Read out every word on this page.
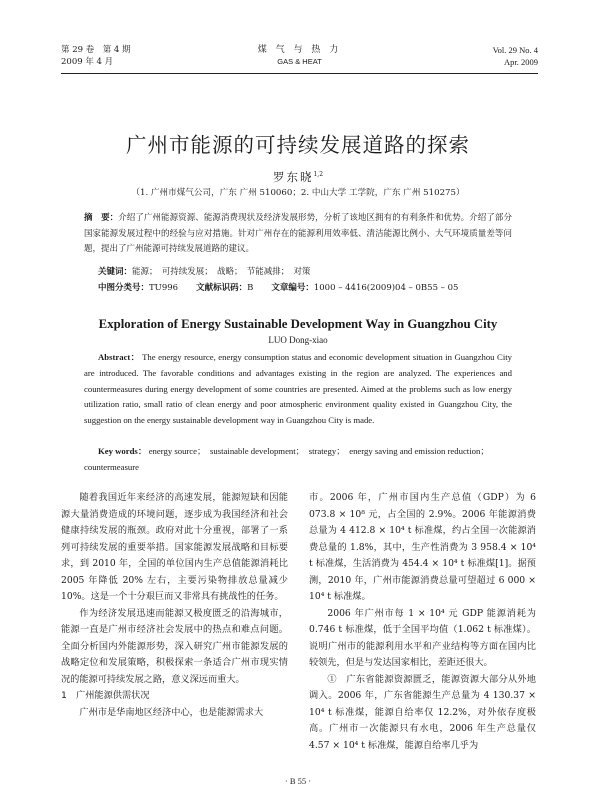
第 29 卷　第 4 期
2009 年 4 月
煤 气 与 热 力
GAS & HEAT
Vol. 29 No. 4
Apr. 2009
广州市能源的可持续发展道路的探索
罗东晓$^{1,2}$
（1. 广州市煤气公司，广东 广州 510060；2. 中山大学 工学院，广东 广州 510275）
摘　要：介绍了广州能源资源、能源消费现状及经济发展形势，分析了该地区拥有的有利条件和优势。介绍了部分国家能源发展过程中的经验与应对措施。针对广州存在的能源利用效率低、清洁能源比例小、大气环境质量差等问题，提出了广州能源可持续发展道路的建议。
关键词：能源；　可持续发展；　战略；　节能减排；　对策
中图分类号：TU996 文献标识码：B 文章编号：1000 – 4416(2009)04 – 0B55 – 05
Exploration of Energy Sustainable Development Way in Guangzhou City
LUO Dong-xiao
Abstract： The energy resource, energy consumption status and economic development situation in Guangzhou City are introduced. The favorable conditions and advantages existing in the region are analyzed. The experiences and countermeasures during energy development of some countries are presented. Aimed at the problems such as low energy utilization ratio, small ratio of clean energy and poor atmospheric environment quality existed in Guangzhou City, the suggestion on the energy sustainable development way in Guangzhou City is made.
Key words： energy source；　sustainable development；　strategy；　energy saving and emission reduction；　countermeasure

随着我国近年来经济的高速发展，能源短缺和因能源大量消费造成的环境问题，逐步成为我国经济和社会健康持续发展的瓶颈。政府对此十分重视，部署了一系列可持续发展的重要举措。国家能源发展战略和目标要求，到 2010 年，全国的单位国内生产总值能源消耗比 2005 年降低 20% 左右，主要污染物排放总量减少 10%。这是一个十分艰巨而又非常具有挑战性的任务。

作为经济发展迅速而能源又极度匮乏的沿海城市，能源一直是广州市经济社会发展中的热点和难点问题。全面分析国内外能源形势，深入研究广州市能源发展的战略定位和发展策略，积极探索一条适合广州市现实情况的能源可持续发展之路，意义深远而重大。

1　广州能源供需状况

广州市是华南地区经济中心，也是能源需求大

市。2006 年，广州市国内生产总值（GDP）为 6 073.8 × 10⁸ 元，占全国的 2.9%。2006 年能源消费总量为 4 412.8 × 10⁴ t 标准煤，约占全国一次能源消费总量的 1.8%，其中，生产性消费为 3 958.4 × 10⁴ t 标准煤，生活消费为 454.4 × 10⁴ t 标准煤[1]。据预测，2010 年，广州市能源消费总量可望超过 6 000 × 10⁴ t 标准煤。

2006 年广州市每 1 × 10⁴ 元 GDP 能源消耗为 0.746 t 标准煤，低于全国平均值（1.062 t 标准煤）。说明广州市的能源利用水平和产业结构等方面在国内比较领先，但是与发达国家相比，差距还很大。

①　广东省能源资源匮乏，能源资源大部分从外地调入。2006 年，广东省能源生产总量为 4 130.37 × 10⁴ t 标准煤，能源自给率仅 12.2%，对外依存度极高。广州市一次能源只有水电，2006 年生产总量仅 4.57 × 10⁴ t 标准煤，能源自给率几乎为

· B 55 ·
